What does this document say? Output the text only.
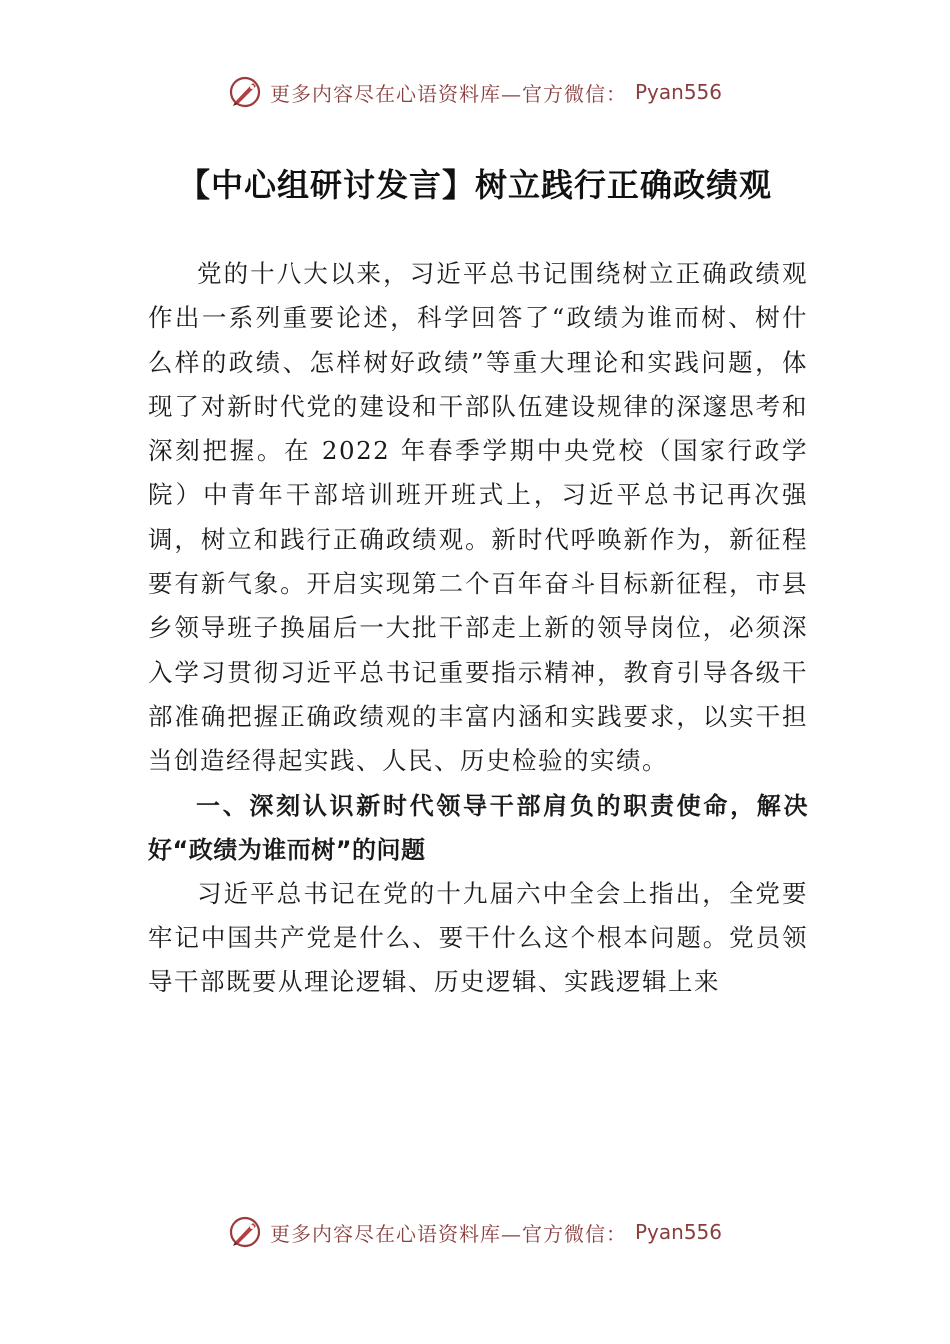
更多内容尽在心语资料库—官方微信： Pyan556
【中心组研讨发言】树立践行正确政绩观

党的十八大以来，习近平总书记围绕树立正确政绩观作出一系列重要论述，科学回答了“政绩为谁而树、树什么样的政绩、怎样树好政绩”等重大理论和实践问题，体现了对新时代党的建设和干部队伍建设规律的深邃思考和深刻把握。在 2022 年春季学期中央党校（国家行政学院）中青年干部培训班开班式上，习近平总书记再次强调，树立和践行正确政绩观。新时代呼唤新作为，新征程要有新气象。开启实现第二个百年奋斗目标新征程，市县乡领导班子换届后一大批干部走上新的领导岗位，必须深入学习贯彻习近平总书记重要指示精神，教育引导各级干部准确把握正确政绩观的丰富内涵和实践要求，以实干担当创造经得起实践、人民、历史检验的实绩。

一、深刻认识新时代领导干部肩负的职责使命，解决好“政绩为谁而树”的问题

习近平总书记在党的十九届六中全会上指出，全党要牢记中国共产党是什么、要干什么这个根本问题。党员领导干部既要从理论逻辑、历史逻辑、实践逻辑上来

更多内容尽在心语资料库—官方微信： Pyan556
